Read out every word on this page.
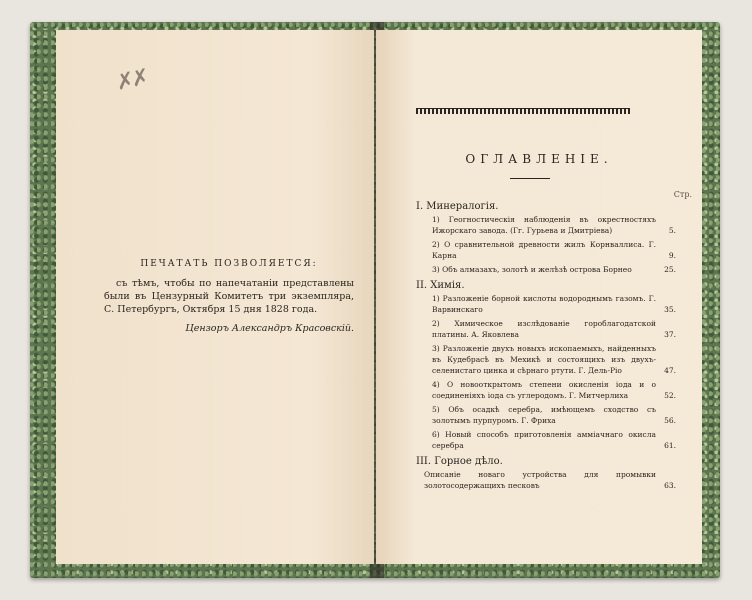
✗✗
ПЕЧАТАТЬ ПОЗВОЛЯЕТСЯ:
съ тѣмъ, чтобы по напечатаніи представлены были въ Цензурный Комитетъ три экземпляра, С. Петербургъ, Октября 15 дня 1828 года.
Цензоръ Александръ Красовскій.
ОГЛАВЛЕНІЕ.
Стр.
I. Минералогія.
1) Геогностическія наблюденія въ окрестностяхъ Ижорскаго завода. (Гг. Гурьева и Дмитріева)	5.
2) О сравнительной древности жилъ Корнваллиса. Г. Карна	9.
3) Объ алмазахъ, золотѣ и желѣзѣ острова Борнео	25.
II. Химія.
1) Разложеніе борной кислоты водороднымъ газомъ. Г. Варвинскаго	35.
2) Химическое изслѣдованіе гороблагодатской платины. А. Яковлева	37.
3) Разложеніе двухъ новыхъ ископаемыхъ, найденныхъ въ Кудебрасѣ въ Мехикѣ и состоящихъ изъ двухъ-селенистаго цинка и сѣрнаго ртути. Г. Дель-Ріо	47.
4) О новооткрытомъ степени окисленія іода и о соединеніяхъ іода съ углеродомъ. Г. Митчерлиха	52.
5) Объ осадкѣ серебра, имѣющемъ сходство съ золотымъ пурпуромъ. Г. Фриха	56.
6) Новый способъ приготовленія амміачнаго окисла серебра	61.
III. Горное дѣло.
Описаніе новаго устройства для промывки золотосодержащихъ песковъ	63.
